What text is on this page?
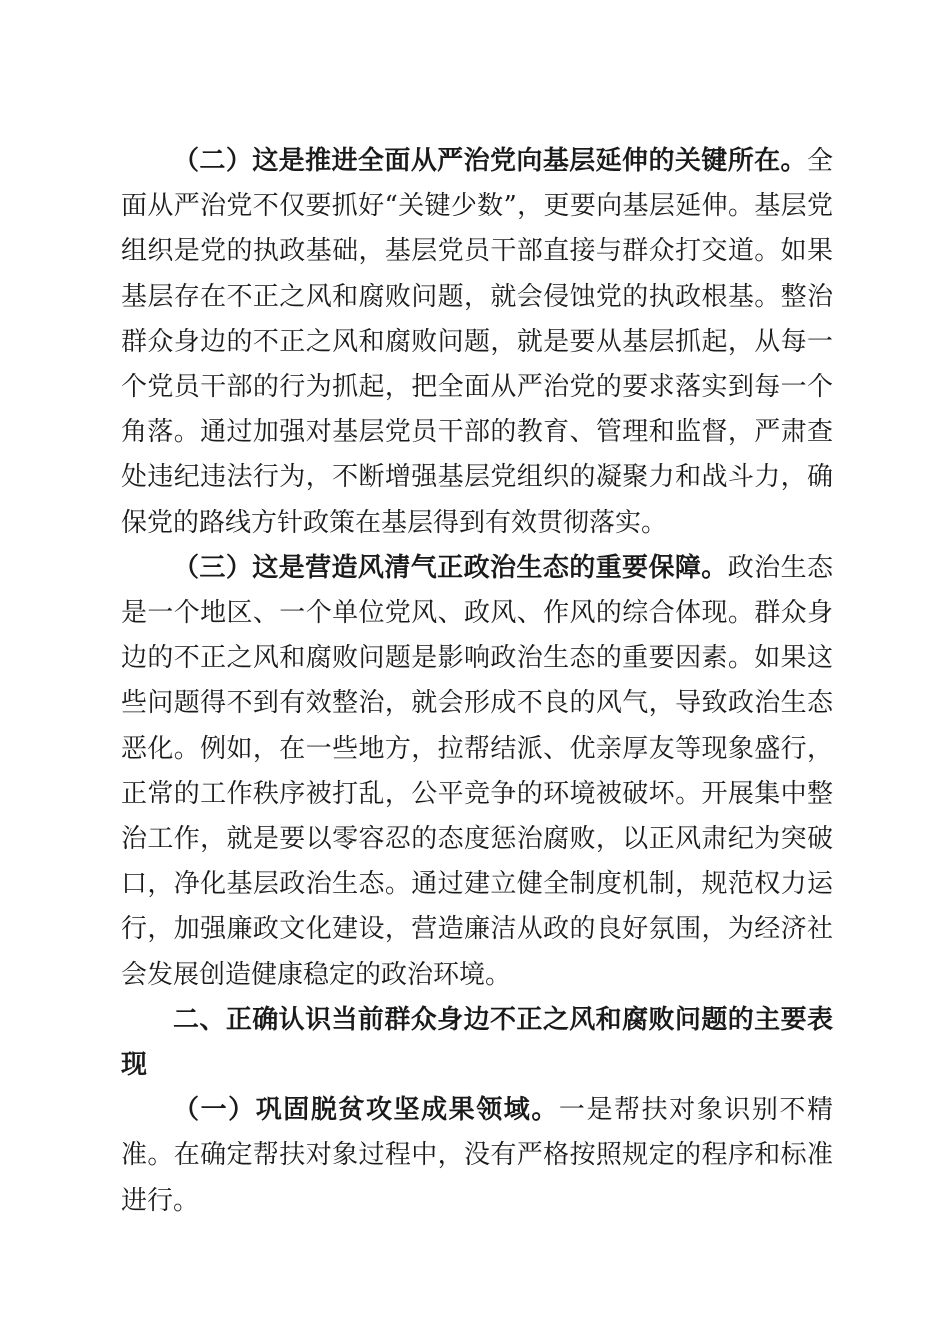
（二）这是推进全面从严治党向基层延伸的关键所在。全面从严治党不仅要抓好“关键少数”，更要向基层延伸。基层党组织是党的执政基础，基层党员干部直接与群众打交道。如果基层存在不正之风和腐败问题，就会侵蚀党的执政根基。整治群众身边的不正之风和腐败问题，就是要从基层抓起，从每一个党员干部的行为抓起，把全面从严治党的要求落实到每一个角落。通过加强对基层党员干部的教育、管理和监督，严肃查处违纪违法行为，不断增强基层党组织的凝聚力和战斗力，确保党的路线方针政策在基层得到有效贯彻落实。

（三）这是营造风清气正政治生态的重要保障。政治生态是一个地区、一个单位党风、政风、作风的综合体现。群众身边的不正之风和腐败问题是影响政治生态的重要因素。如果这些问题得不到有效整治，就会形成不良的风气，导致政治生态恶化。例如，在一些地方，拉帮结派、优亲厚友等现象盛行，正常的工作秩序被打乱，公平竞争的环境被破坏。开展集中整治工作，就是要以零容忍的态度惩治腐败，以正风肃纪为突破口，净化基层政治生态。通过建立健全制度机制，规范权力运行，加强廉政文化建设，营造廉洁从政的良好氛围，为经济社会发展创造健康稳定的政治环境。

二、正确认识当前群众身边不正之风和腐败问题的主要表现

（一）巩固脱贫攻坚成果领域。一是帮扶对象识别不精准。在确定帮扶对象过程中，没有严格按照规定的程序和标准进行。
